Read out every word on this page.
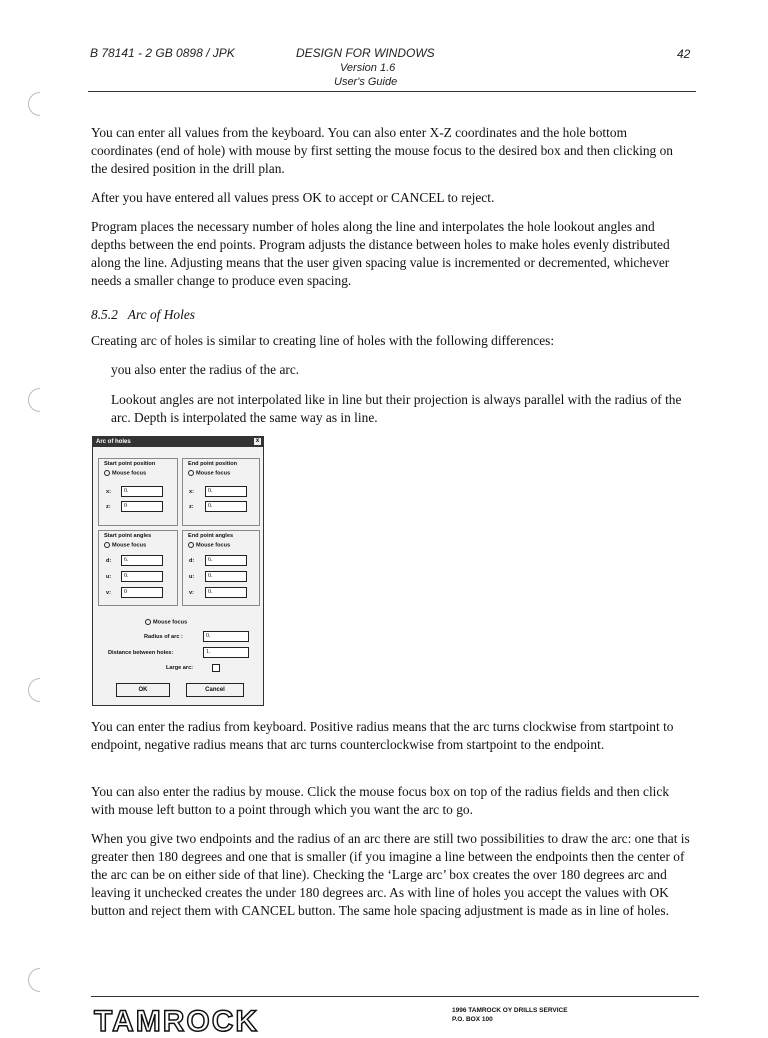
B 78141 - 2 GB 0898 / JPK	DESIGN FOR WINDOWS
Version 1.6
User's Guide
42

You can enter all values from the keyboard. You can also enter X-Z coordinates and the hole bottom coordinates (end of hole) with mouse by first setting the mouse focus to the desired box and then clicking on the desired position in the drill plan.

After you have entered all values press OK to accept or CANCEL to reject.

Program places the necessary number of holes along the line and interpolates the hole lookout angles and depths between the end points. Program adjusts the distance between holes to make holes evenly distributed along the line. Adjusting means that the user given spacing value is incremented or decremented, whichever needs a smaller change to produce even spacing.

8.5.2 Arc of Holes

Creating arc of holes is similar to creating line of holes with the following differences:

you also enter the radius of the arc.

Lookout angles are not interpolated like in line but their projection is always parallel with the radius of the arc. Depth is interpolated the same way as in line.

Arc of holes	x
Start point position
Mouse focus
x:	0.
z:	0
End point position
Mouse focus
x:	0.
z:	0.
Start point angles
Mouse focus
d:	6.
u:	0.
v:	0
End point angles
Mouse focus
d:	6.
u:	0.
v:	0.
Mouse focus
Radius of arc :	0.
Distance between holes:	1.
Large arc:
OK	Cancel

You can enter the radius from keyboard. Positive radius means that the arc turns clockwise from startpoint to endpoint, negative radius means that arc turns counterclockwise from startpoint to the endpoint.

You can also enter the radius by mouse. Click the mouse focus box on top of the radius fields and then click with mouse left button to a point through which you want the arc to go.

When you give two endpoints and the radius of an arc there are still two possibilities to draw the arc: one that is greater then 180 degrees and one that is smaller (if you imagine a line between the endpoints then the center of the arc can be on either side of that line). Checking the ‘Large arc’ box creates the over 180 degrees arc and leaving it unchecked creates the under 180 degrees arc. As with line of holes you accept the values with OK button and reject them with CANCEL button. The same hole spacing adjustment is made as in line of holes.

TAMROCK	1996 TAMROCK OY DRILLS SERVICE
P.O. BOX 100
